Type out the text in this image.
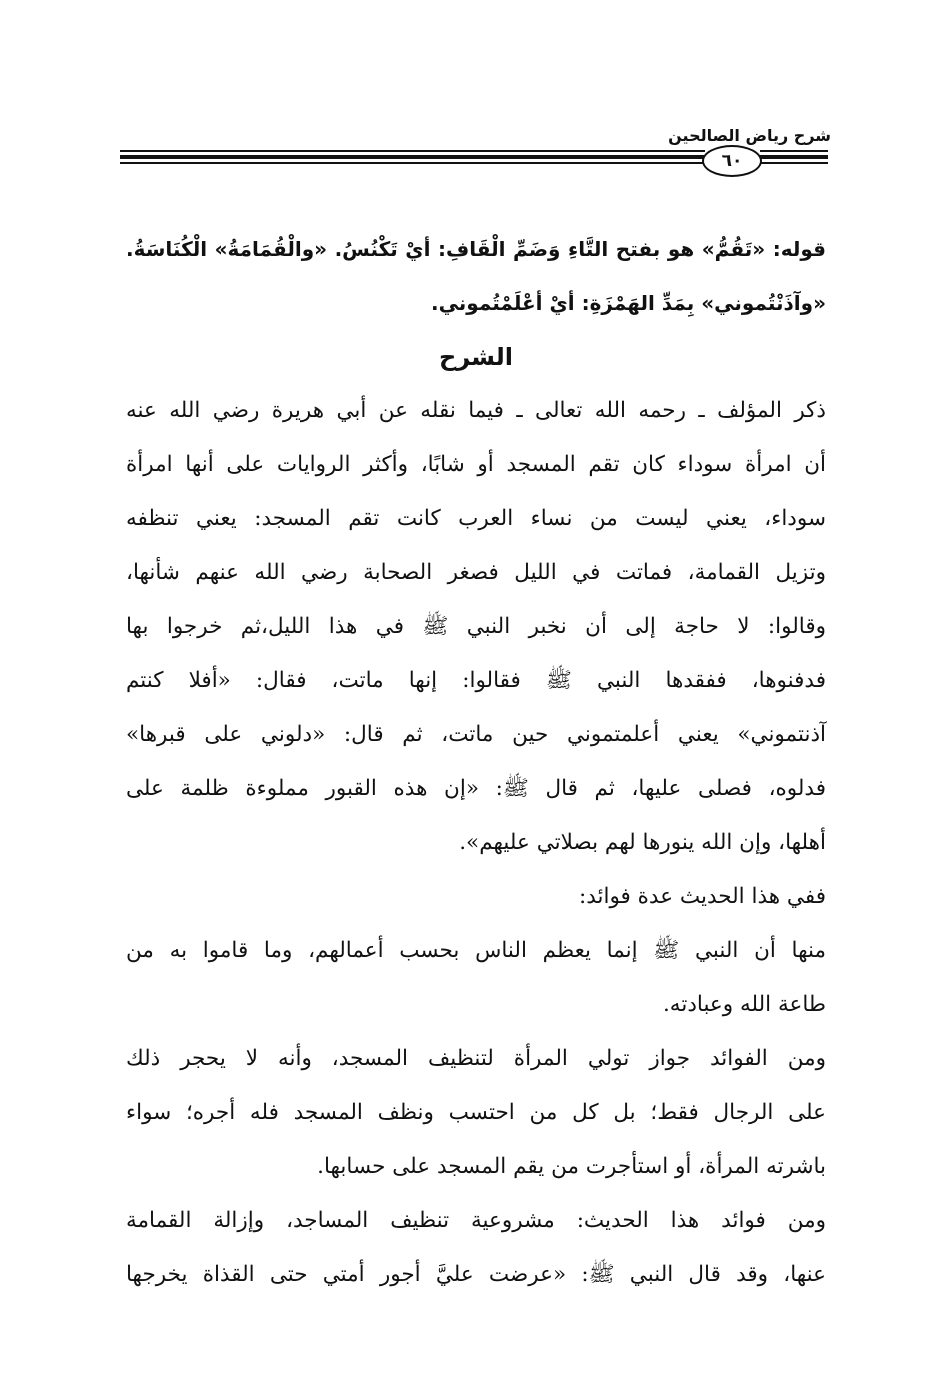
شرح رياض الصالحين
٦٠
قوله: «تَقُمُّ» هو بفتح التَّاءِ وَضَمِّ الْقَافِ: أيْ تَكْنُسُ. «والْقُمَامَةُ» الْكُنَاسَةُ.
«وآذَنْتُموني» بِمَدِّ الهَمْزَةِ: أيْ أعْلَمْتُموني.
الشرح
ذكر المؤلف ـ رحمه الله تعالى ـ فيما نقله عن أبي هريرة رضي الله عنه
أن امرأة سوداء كان تقم المسجد أو شابًا، وأكثر الروايات على أنها امرأة
سوداء، يعني ليست من نساء العرب كانت تقم المسجد: يعني تنظفه
وتزيل القمامة، فماتت في الليل فصغر الصحابة رضي الله عنهم شأنها،
وقالوا: لا حاجة إلى أن نخبر النبي ﷺ في هذا الليل،ثم خرجوا بها
فدفنوها، ففقدها النبي ﷺ فقالوا: إنها ماتت، فقال: «أفلا كنتم
آذنتموني» يعني أعلمتموني حين ماتت، ثم قال: «دلوني على قبرها»
فدلوه، فصلى عليها، ثم قال ﷺ: «إن هذه القبور مملوءة ظلمة على
أهلها، وإن الله ينورها لهم بصلاتي عليهم».
ففي هذا الحديث عدة فوائد:
منها أن النبي ﷺ إنما يعظم الناس بحسب أعمالهم، وما قاموا به من
طاعة الله وعبادته.
ومن الفوائد جواز تولي المرأة لتنظيف المسجد، وأنه لا يحجر ذلك
على الرجال فقط؛ بل كل من احتسب ونظف المسجد فله أجره؛ سواء
باشرته المرأة، أو استأجرت من يقم المسجد على حسابها.
ومن فوائد هذا الحديث: مشروعية تنظيف المساجد، وإزالة القمامة
عنها، وقد قال النبي ﷺ: «عرضت عليَّ أجور أمتي حتى القذاة يخرجها
